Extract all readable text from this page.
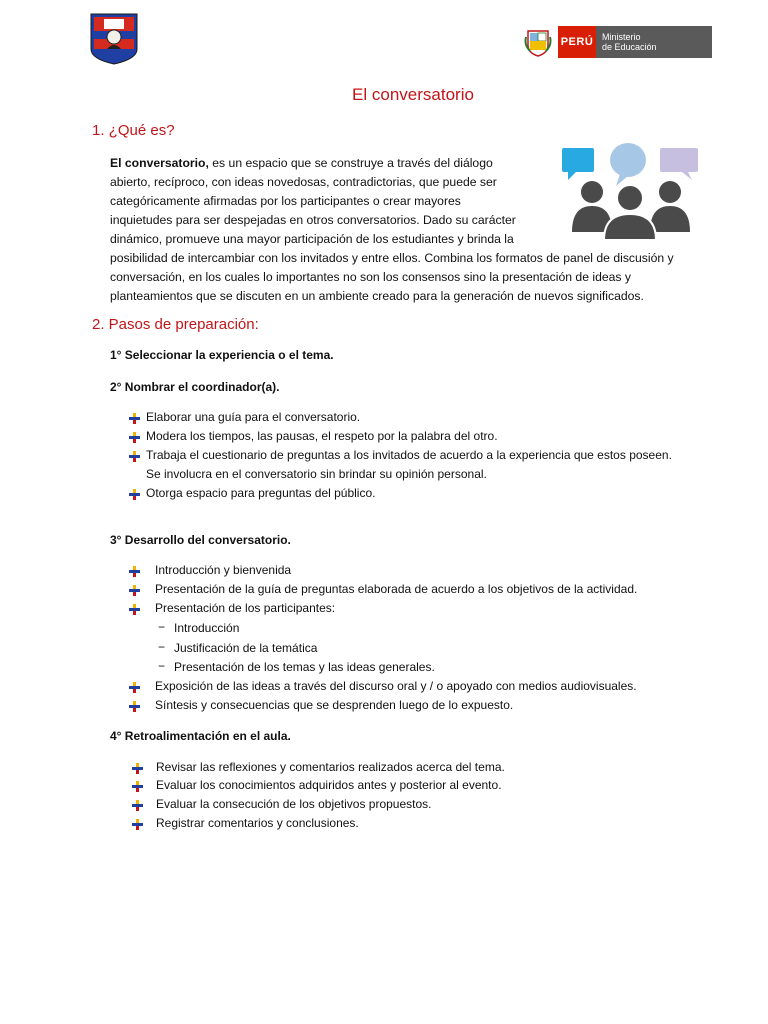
PERÚ Ministerio
de Educación
El conversatorio
1. ¿Qué es?
El conversatorio, es un espacio que se construye a través del diálogo
abierto, recíproco, con ideas novedosas, contradictorias, que puede ser
categóricamente afirmadas por los participantes o crear mayores
inquietudes para ser despejadas en otros conversatorios. Dado su carácter
dinámico, promueve una mayor participación de los estudiantes y brinda la
posibilidad de intercambiar con los invitados y entre ellos. Combina los formatos de panel de discusión y
conversación, en los cuales lo importantes no son los consensos sino la presentación de ideas y
planteamientos que se discuten en un ambiente creado para la generación de nuevos significados.
2. Pasos de preparación:
1° Seleccionar la experiencia o el tema.
2° Nombrar el coordinador(a).
Elaborar una guía para el conversatorio.
Modera los tiempos, las pausas, el respeto por la palabra del otro.
Trabaja el cuestionario de preguntas a los invitados de acuerdo a la experiencia que estos poseen.
Se involucra en el conversatorio sin brindar su opinión personal.
Otorga espacio para preguntas del público.
3° Desarrollo del conversatorio.
Introducción y bienvenida
Presentación de la guía de preguntas elaborada de acuerdo a los objetivos de la actividad.
Presentación de los participantes:
− Introducción
− Justificación de la temática
− Presentación de los temas y las ideas generales.
Exposición de las ideas a través del discurso oral y / o apoyado con medios audiovisuales.
Síntesis y consecuencias que se desprenden luego de lo expuesto.
4° Retroalimentación en el aula.
Revisar las reflexiones y comentarios realizados acerca del tema.
Evaluar los conocimientos adquiridos antes y posterior al evento.
Evaluar la consecución de los objetivos propuestos.
Registrar comentarios y conclusiones.
